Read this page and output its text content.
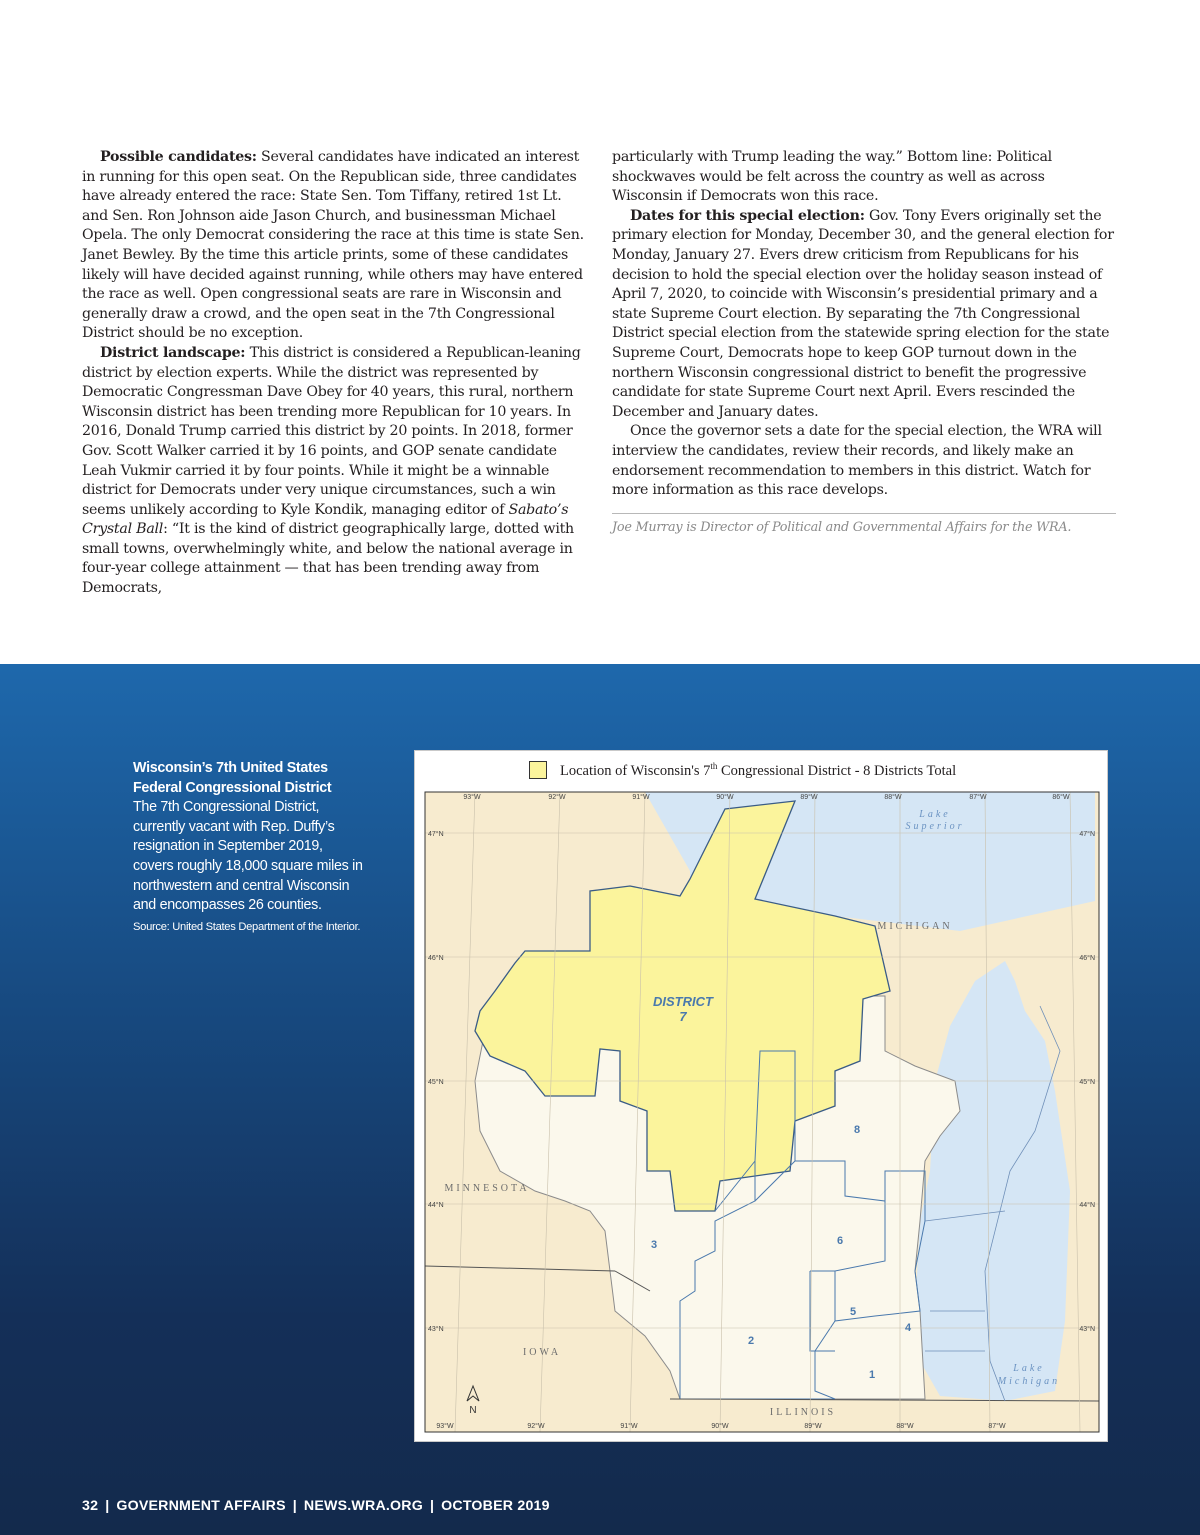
Possible candidates: Several candidates have indicated an interest in running for this open seat. On the Republican side, three candidates have already entered the race: State Sen. Tom Tiffany, retired 1st Lt. and Sen. Ron Johnson aide Jason Church, and businessman Michael Opela. The only Democrat considering the race at this time is state Sen. Janet Bewley. By the time this article prints, some of these candidates likely will have decided against running, while others may have entered the race as well. Open congressional seats are rare in Wisconsin and generally draw a crowd, and the open seat in the 7th Congressional District should be no exception.

District landscape: This district is considered a Republican-leaning district by election experts. While the district was represented by Democratic Congressman Dave Obey for 40 years, this rural, northern Wisconsin district has been trending more Republican for 10 years. In 2016, Donald Trump carried this district by 20 points. In 2018, former Gov. Scott Walker carried it by 16 points, and GOP senate candidate Leah Vukmir carried it by four points. While it might be a winnable district for Democrats under very unique circumstances, such a win seems unlikely according to Kyle Kondik, managing editor of Sabato’s Crystal Ball: “It is the kind of district geographically large, dotted with small towns, overwhelmingly white, and below the national average in four-year college attainment — that has been trending away from Democrats,

particularly with Trump leading the way.” Bottom line: Political shockwaves would be felt across the country as well as across Wisconsin if Democrats won this race.

Dates for this special election: Gov. Tony Evers originally set the primary election for Monday, December 30, and the general election for Monday, January 27. Evers drew criticism from Republicans for his decision to hold the special election over the holiday season instead of April 7, 2020, to coincide with Wisconsin’s presidential primary and a state Supreme Court election. By separating the 7th Congressional District special election from the statewide spring election for the state Supreme Court, Democrats hope to keep GOP turnout down in the northern Wisconsin congressional district to benefit the progressive candidate for state Supreme Court next April. Evers rescinded the December and January dates.

Once the governor sets a date for the special election, the WRA will interview the candidates, review their records, and likely make an endorsement recommendation to members in this district. Watch for more information as this race develops.

Joe Murray is Director of Political and Governmental Affairs for the WRA.

Wisconsin’s 7th United States Federal Congressional District
The 7th Congressional District, currently vacant with Rep. Duffy’s resignation in September 2019, covers roughly 18,000 square miles in northwestern and central Wisconsin and encompasses 26 counties.
Source: United States Department of the Interior.
93°W	92°W	91°W	90°W	89°W	88°W	87°W	86°W
93°W	92°W	91°W	90°W	89°W	88°W	87°W
47°N
46°N
45°N
44°N
43°N
47°N
46°N
45°N
44°N
43°N
Lake
Superior
MICHIGAN
MINNESOTA
IOWA
ILLINOIS
Lake
Michigan
DISTRICT
7
1
2
3
4
5
6
8
N
Location of Wisconsin's 7th Congressional District - 8 Districts Total
32 | GOVERNMENT AFFAIRS | NEWS.WRA.ORG | OCTOBER 2019
